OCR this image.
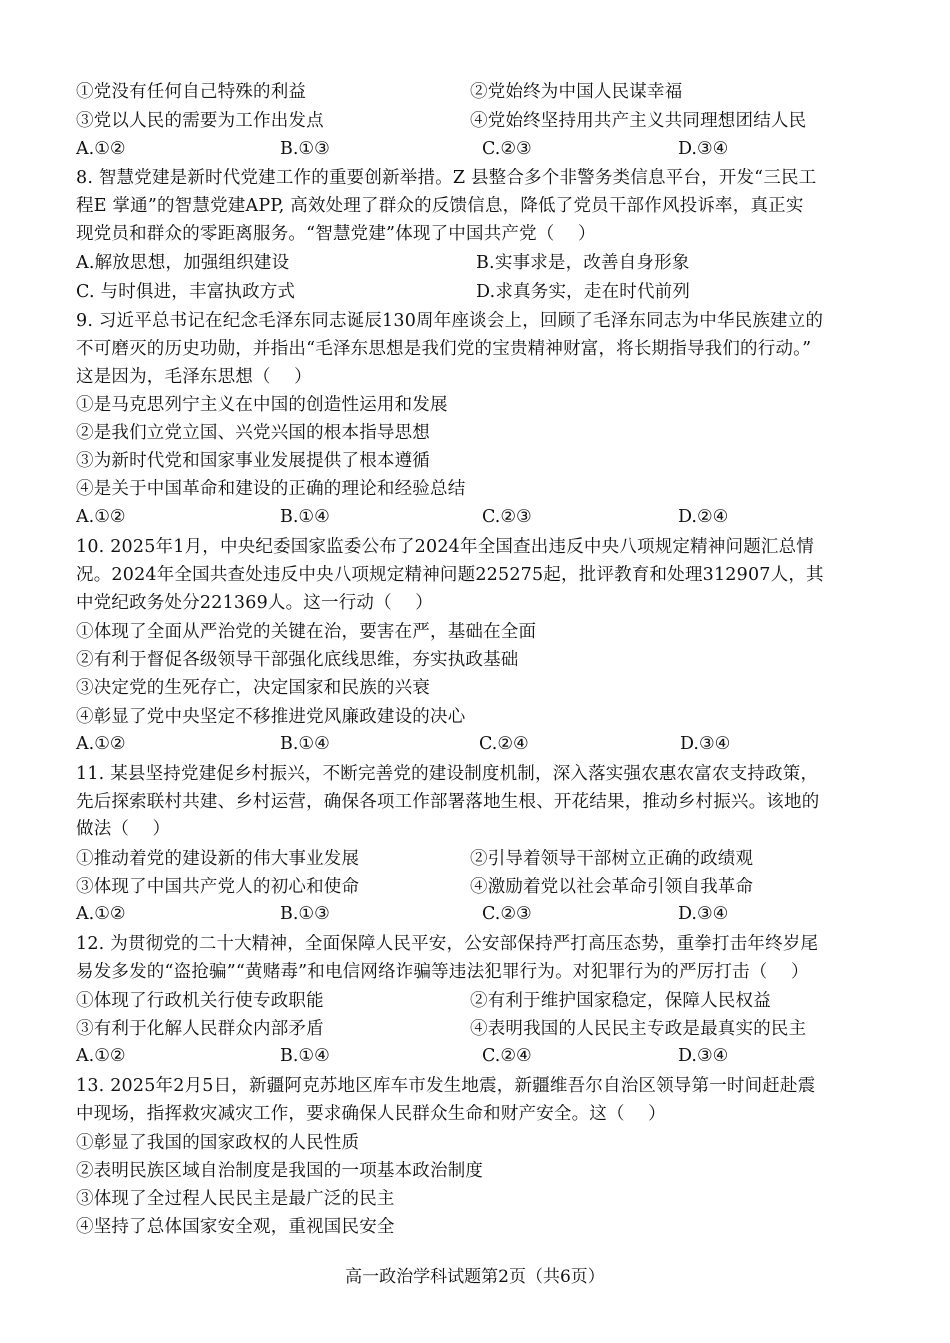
①党没有任何自己特殊的利益	②党始终为中国人民谋幸福
③党以人民的需要为工作出发点	④党始终坚持用共产主义共同理想团结人民
A.①②	B.①③	C.②③	D.③④
8. 智慧党建是新时代党建工作的重要创新举措。Z 县整合多个非警务类信息平台，开发“三民工
程E 掌通”的智慧党建APP, 高效处理了群众的反馈信息，降低了党员干部作风投诉率，真正实
现党员和群众的零距离服务。“智慧党建”体现了中国共产党（　 ）
A.解放思想，加强组织建设	B.实事求是，改善自身形象
C. 与时俱进，丰富执政方式	D.求真务实，走在时代前列
9. 习近平总书记在纪念毛泽东同志诞辰130周年座谈会上，回顾了毛泽东同志为中华民族建立的
不可磨灭的历史功勋，并指出“毛泽东思想是我们党的宝贵精神财富，将长期指导我们的行动。”
这是因为，毛泽东思想（　 ）
①是马克思列宁主义在中国的创造性运用和发展
②是我们立党立国、兴党兴国的根本指导思想
③为新时代党和国家事业发展提供了根本遵循
④是关于中国革命和建设的正确的理论和经验总结
A.①②	B.①④	C.②③	D.②④
10. 2025年1月，中央纪委国家监委公布了2024年全国查出违反中央八项规定精神问题汇总情
况。2024年全国共查处违反中央八项规定精神问题225275起，批评教育和处理312907人，其
中党纪政务处分221369人。这一行动（　 ）
①体现了全面从严治党的关键在治，要害在严，基础在全面
②有利于督促各级领导干部强化底线思维，夯实执政基础
③决定党的生死存亡，决定国家和民族的兴衰
④彰显了党中央坚定不移推进党风廉政建设的决心
A.①②	B.①④	C.②④	D.③④
11. 某县坚持党建促乡村振兴，不断完善党的建设制度机制，深入落实强农惠农富农支持政策，
先后探索联村共建、乡村运营，确保各项工作部署落地生根、开花结果，推动乡村振兴。该地的
做法（　 ）
①推动着党的建设新的伟大事业发展	②引导着领导干部树立正确的政绩观
③体现了中国共产党人的初心和使命	④激励着党以社会革命引领自我革命
A.①②	B.①③	C.②③	D.③④
12. 为贯彻党的二十大精神，全面保障人民平安，公安部保持严打高压态势，重拳打击年终岁尾
易发多发的“盗抢骗”“黄赌毒”和电信网络诈骗等违法犯罪行为。对犯罪行为的严厉打击（　 ）
①体现了行政机关行使专政职能	②有利于维护国家稳定，保障人民权益
③有利于化解人民群众内部矛盾	④表明我国的人民民主专政是最真实的民主
A.①②	B.①④	C.②④	D.③④
13. 2025年2月5日，新疆阿克苏地区库车市发生地震，新疆维吾尔自治区领导第一时间赶赴震
中现场，指挥救灾减灾工作，要求确保人民群众生命和财产安全。这（　 ）
①彰显了我国的国家政权的人民性质
②表明民族区域自治制度是我国的一项基本政治制度
③体现了全过程人民民主是最广泛的民主
④坚持了总体国家安全观，重视国民安全
高一政治学科试题第2页（共6页）
